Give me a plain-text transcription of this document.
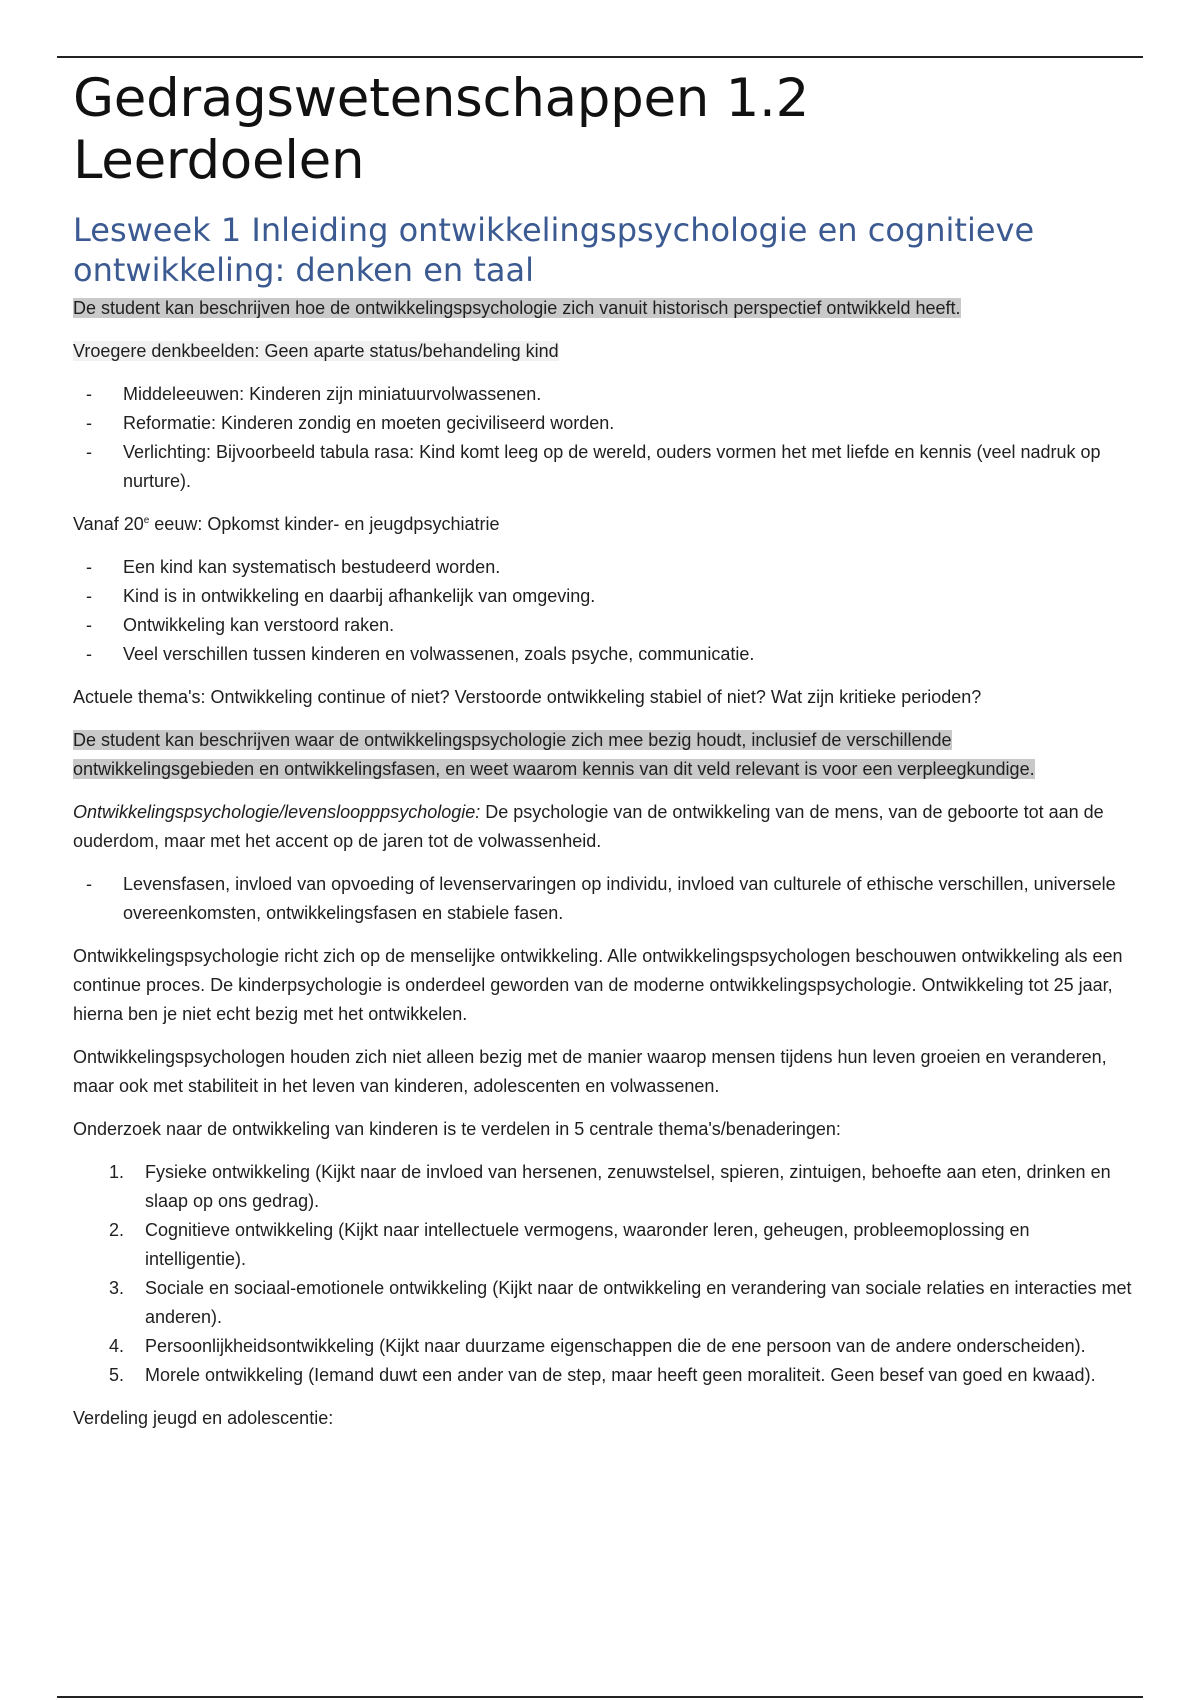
Gedragswetenschappen 1.2
Leerdoelen
Lesweek 1 Inleiding ontwikkelingspsychologie en cognitieve ontwikkeling: denken en taal

De student kan beschrijven hoe de ontwikkelingspsychologie zich vanuit historisch perspectief ontwikkeld heeft.

Vroegere denkbeelden: Geen aparte status/behandeling kind

- Middeleeuwen: Kinderen zijn miniatuurvolwassenen.
- Reformatie: Kinderen zondig en moeten geciviliseerd worden.
- Verlichting: Bijvoorbeeld tabula rasa: Kind komt leeg op de wereld, ouders vormen het met liefde en kennis (veel nadruk op nurture).

Vanaf 20e eeuw: Opkomst kinder- en jeugdpsychiatrie

- Een kind kan systematisch bestudeerd worden.
- Kind is in ontwikkeling en daarbij afhankelijk van omgeving.
- Ontwikkeling kan verstoord raken.
- Veel verschillen tussen kinderen en volwassenen, zoals psyche, communicatie.

Actuele thema's: Ontwikkeling continue of niet? Verstoorde ontwikkeling stabiel of niet? Wat zijn kritieke perioden?

De student kan beschrijven waar de ontwikkelingspsychologie zich mee bezig houdt, inclusief de verschillende ontwikkelingsgebieden en ontwikkelingsfasen, en weet waarom kennis van dit veld relevant is voor een verpleegkundige.

Ontwikkelingspsychologie/levensloopppsychologie: De psychologie van de ontwikkeling van de mens, van de geboorte tot aan de ouderdom, maar met het accent op de jaren tot de volwassenheid.

- Levensfasen, invloed van opvoeding of levenservaringen op individu, invloed van culturele of ethische verschillen, universele overeenkomsten, ontwikkelingsfasen en stabiele fasen.

Ontwikkelingspsychologie richt zich op de menselijke ontwikkeling. Alle ontwikkelingspsychologen beschouwen ontwikkeling als een continue proces. De kinderpsychologie is onderdeel geworden van de moderne ontwikkelingspsychologie. Ontwikkeling tot 25 jaar, hierna ben je niet echt bezig met het ontwikkelen.

Ontwikkelingspsychologen houden zich niet alleen bezig met de manier waarop mensen tijdens hun leven groeien en veranderen, maar ook met stabiliteit in het leven van kinderen, adolescenten en volwassenen.

Onderzoek naar de ontwikkeling van kinderen is te verdelen in 5 centrale thema's/benaderingen:

1. Fysieke ontwikkeling (Kijkt naar de invloed van hersenen, zenuwstelsel, spieren, zintuigen, behoefte aan eten, drinken en slaap op ons gedrag).
2. Cognitieve ontwikkeling (Kijkt naar intellectuele vermogens, waaronder leren, geheugen, probleemoplossing en intelligentie).
3. Sociale en sociaal-emotionele ontwikkeling (Kijkt naar de ontwikkeling en verandering van sociale relaties en interacties met anderen).
4. Persoonlijkheidsontwikkeling (Kijkt naar duurzame eigenschappen die de ene persoon van de andere onderscheiden).
5. Morele ontwikkeling (Iemand duwt een ander van de step, maar heeft geen moraliteit. Geen besef van goed en kwaad).

Verdeling jeugd en adolescentie:
